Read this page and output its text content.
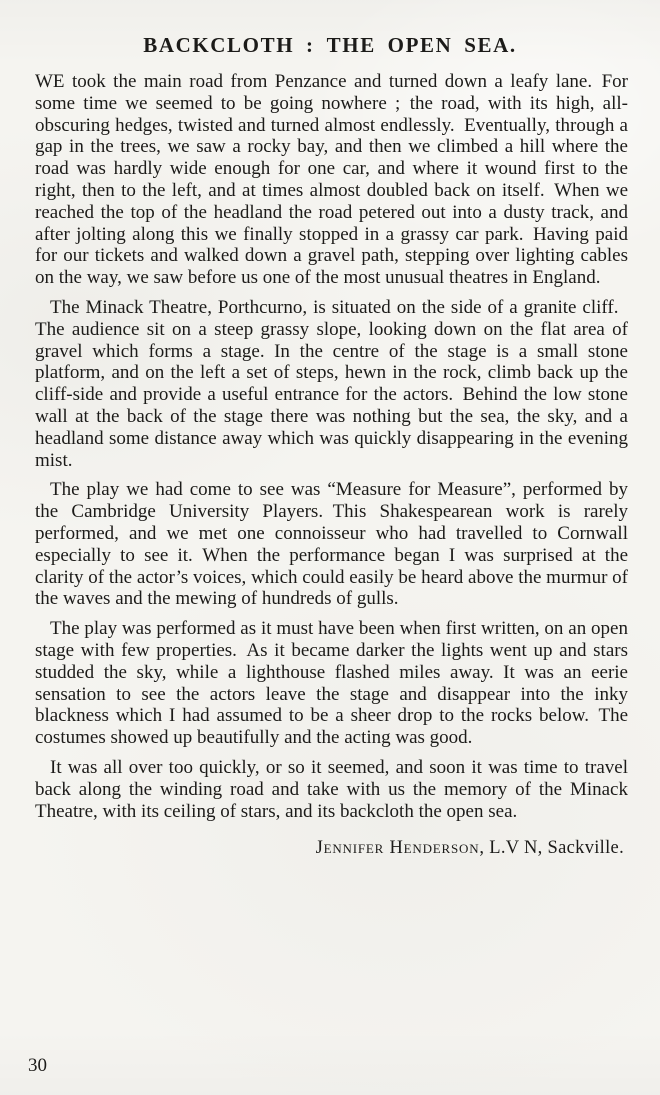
BACKCLOTH : THE OPEN SEA.

WE took the main road from Penzance and turned down a leafy lane. For some time we seemed to be going nowhere ; the road, with its high, all-obscuring hedges, twisted and turned almost endlessly. Eventually, through a gap in the trees, we saw a rocky bay, and then we climbed a hill where the road was hardly wide enough for one car, and where it wound first to the right, then to the left, and at times almost doubled back on itself. When we reached the top of the headland the road petered out into a dusty track, and after jolting along this we finally stopped in a grassy car park. Having paid for our tickets and walked down a gravel path, stepping over lighting cables on the way, we saw before us one of the most unusual theatres in England.

The Minack Theatre, Porthcurno, is situated on the side of a granite cliff. The audience sit on a steep grassy slope, looking down on the flat area of gravel which forms a stage. In the centre of the stage is a small stone platform, and on the left a set of steps, hewn in the rock, climb back up the cliff-side and provide a useful entrance for the actors. Behind the low stone wall at the back of the stage there was nothing but the sea, the sky, and a headland some distance away which was quickly disappearing in the evening mist.

The play we had come to see was “Measure for Measure”, performed by the Cambridge University Players. This Shakespearean work is rarely performed, and we met one connoisseur who had travelled to Cornwall especially to see it. When the performance began I was surprised at the clarity of the actor’s voices, which could easily be heard above the murmur of the waves and the mewing of hundreds of gulls.

The play was performed as it must have been when first written, on an open stage with few properties. As it became darker the lights went up and stars studded the sky, while a lighthouse flashed miles away. It was an eerie sensation to see the actors leave the stage and disappear into the inky blackness which I had assumed to be a sheer drop to the rocks below. The costumes showed up beautifully and the acting was good.

It was all over too quickly, or so it seemed, and soon it was time to travel back along the winding road and take with us the memory of the Minack Theatre, with its ceiling of stars, and its backcloth the open sea.

Jennifer Henderson, L.V N, Sackville.
30
